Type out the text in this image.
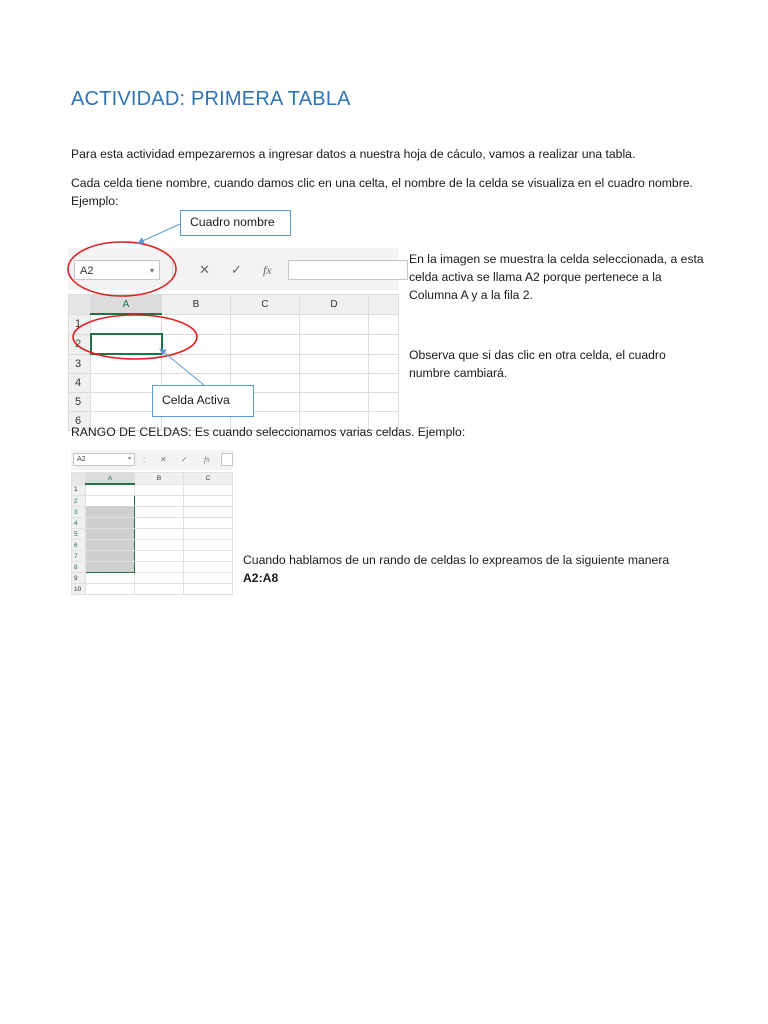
ACTIVIDAD: PRIMERA TABLA

Para esta actividad empezaremos a ingresar datos a nuestra hoja de cáculo, vamos a realizar una tabla.

Cada celda tiene nombre, cuando damos clic en una celta, el nombre de la celda se visualiza en el cuadro nombre. Ejemplo:

Cuadro nombre
A2	▾	✕ ✓ fx
	A	B	C	D	
1					
2					
3					
4					
5					
6					
Celda Activa

En la imagen se muestra la celda seleccionada, a esta celda activa se llama A2 porque pertenece a la Columna A y a la fila 2.

Observa que si das clic en otra celda, el cuadro numbre cambiará.

RANGO DE CELDAS: Es cuando seleccionamos varias celdas. Ejemplo:

A2	▾ : ✕ ✓ fx
	A	B	C
1			
2			
3			
4			
5			
6			
7			
8			
9			
10			

Cuando hablamos de un rando de celdas lo expreamos de la siguiente manera
A2:A8
